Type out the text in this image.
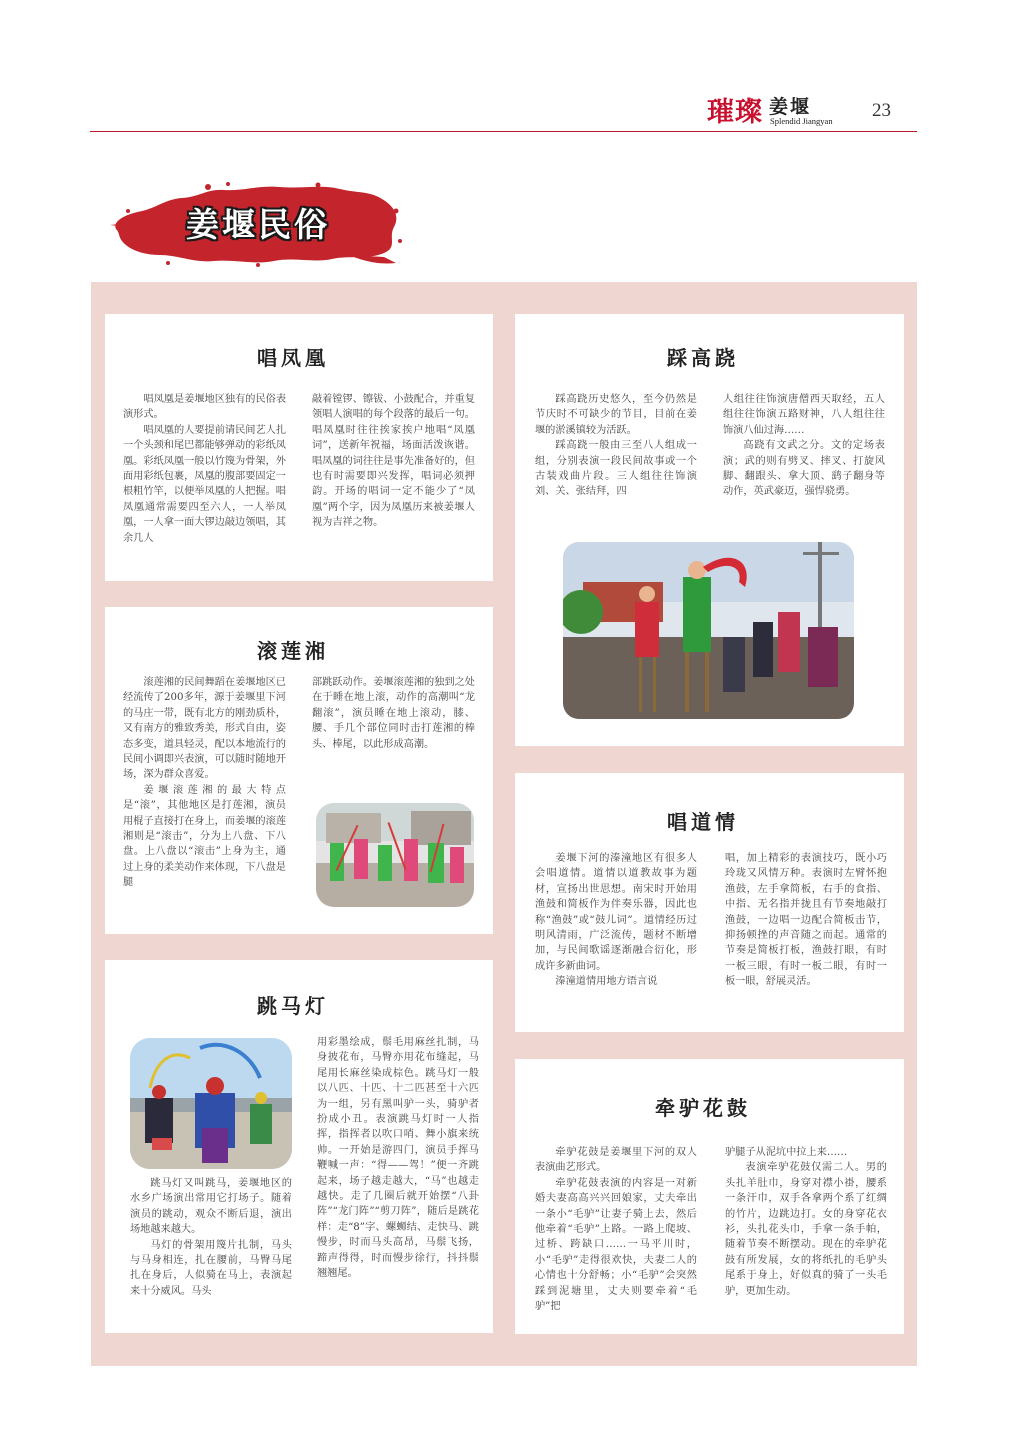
璀璨 姜堰
Splendid Jiangyan 23
姜堰民俗
唱凤凰

唱凤凰是姜堰地区独有的民俗表演形式。

唱凤凰的人要提前请民间艺人扎一个头颈和尾巴都能够弹动的彩纸凤凰。彩纸凤凰一般以竹篾为骨架，外面用彩纸包裹，凤凰的腹部要固定一根粗竹竿，以便举凤凰的人把握。唱凤凰通常需要四至六人，一人举凤凰，一人拿一面大锣边敲边领唱，其余几人

敲着镗锣、镲钹、小鼓配合，并重复领唱人演唱的每个段落的最后一句。唱凤凰时往往挨家挨户地唱“凤凰词”，送新年祝福，场面活泼诙谐。唱凤凰的词往往是事先准备好的，但也有时需要即兴发挥，唱词必须押韵。开场的唱词一定不能少了“凤凰”两个字，因为凤凰历来被姜堰人视为吉祥之物。

踩高跷

踩高跷历史悠久，至今仍然是节庆时不可缺少的节目，目前在姜堰的淤溪镇较为活跃。

踩高跷一般由三至八人组成一组，分别表演一段民间故事或一个古装戏曲片段。三人组往往饰演刘、关、张结拜，四

人组往往饰演唐僧西天取经，五人组往往饰演五路财神，八人组往往饰演八仙过海……

高跷有文武之分。文的定场表演；武的则有劈叉、摔叉、打旋风脚、翻跟头、拿大顶、鹞子翻身等动作，英武豪迈，强悍骁勇。

滚莲湘

滚莲湘的民间舞蹈在姜堰地区已经流传了200多年，源于姜堰里下河的马庄一带，既有北方的刚劲质朴，又有南方的雅致秀美，形式自由，姿态多变，道具轻灵，配以本地流行的民间小调即兴表演，可以随时随地开场，深为群众喜爱。

姜堰滚莲湘的最大特点是“滚”，其他地区是打莲湘，演员用棍子直接打在身上，而姜堰的滚莲湘则是“滚击”，分为上八盘、下八盘。上八盘以“滚击”上身为主，通过上身的柔美动作来体现，下八盘是腿

部跳跃动作。姜堰滚莲湘的独到之处在于睡在地上滚，动作的高潮叫“龙翻滚”，演员睡在地上滚动，膝、腰、手几个部位同时击打莲湘的棒头、棒尾，以此形成高潮。

唱道情

姜堰下河的溱潼地区有很多人会唱道情。道情以道教故事为题材，宣扬出世思想。南宋时开始用渔鼓和简板作为伴奏乐器，因此也称“渔鼓”或“鼓儿词”。道情经历过明风清雨，广泛流传，题材不断增加，与民间歌谣逐渐融合衍化，形成许多新曲词。

溱潼道情用地方语言说

唱，加上精彩的表演技巧，既小巧玲珑又风情万种。表演时左臂怀抱渔鼓，左手拿简板，右手的食指、中指、无名指并拢且有节奏地敲打渔鼓，一边唱一边配合简板击节，抑扬顿挫的声音随之而起。通常的节奏是简板打板，渔鼓打眼，有时一板三眼，有时一板二眼，有时一板一眼，舒展灵活。

跳马灯

跳马灯又叫跳马，姜堰地区的水乡广场演出常用它打场子。随着演员的跳动，观众不断后退，演出场地越来越大。

马灯的骨架用篾片扎制，马头与马身相连，扎在腰前，马臀马尾扎在身后，人似骑在马上，表演起来十分威风。马头

用彩墨绘成，鬃毛用麻丝扎制，马身披花布，马臀亦用花布缝起，马尾用长麻丝染成棕色。跳马灯一般以八匹、十匹、十二匹甚至十六匹为一组，另有黑叫驴一头，骑驴者扮成小丑。表演跳马灯时一人指挥，指挥者以吹口哨、舞小旗来统帅。一开始是游四门，演员手挥马鞭喊一声：“得——驾！”便一齐跳起来，场子越走越大，“马”也越走越快。走了几圈后就开始摆“八卦阵”“龙门阵”“剪刀阵”，随后是跳花样：走“8”字、螺蛳结、走快马、跳慢步，时而马头高昂，马鬃飞扬，蹄声得得，时而慢步徐行，抖抖鬃翘翘尾。

牵驴花鼓

牵驴花鼓是姜堰里下河的双人表演曲艺形式。

牵驴花鼓表演的内容是一对新婚夫妻高高兴兴回娘家，丈夫牵出一条小“毛驴”让妻子骑上去，然后他牵着“毛驴”上路。一路上爬坡、过桥、跨缺口……一马平川时，小“毛驴”走得很欢快，夫妻二人的心情也十分舒畅；小“毛驴”会突然踩到泥塘里，丈夫则要牵着“毛驴”把

驴腿子从泥坑中拉上来……

表演牵驴花鼓仅需二人。男的头扎羊肚巾，身穿对襟小褂，腰系一条汗巾，双手各拿两个系了红绸的竹片，边跳边打。女的身穿花衣衫，头扎花头巾，手拿一条手帕，随着节奏不断摆动。现在的牵驴花鼓有所发展，女的将纸扎的毛驴头尾系于身上，好似真的骑了一头毛驴，更加生动。
